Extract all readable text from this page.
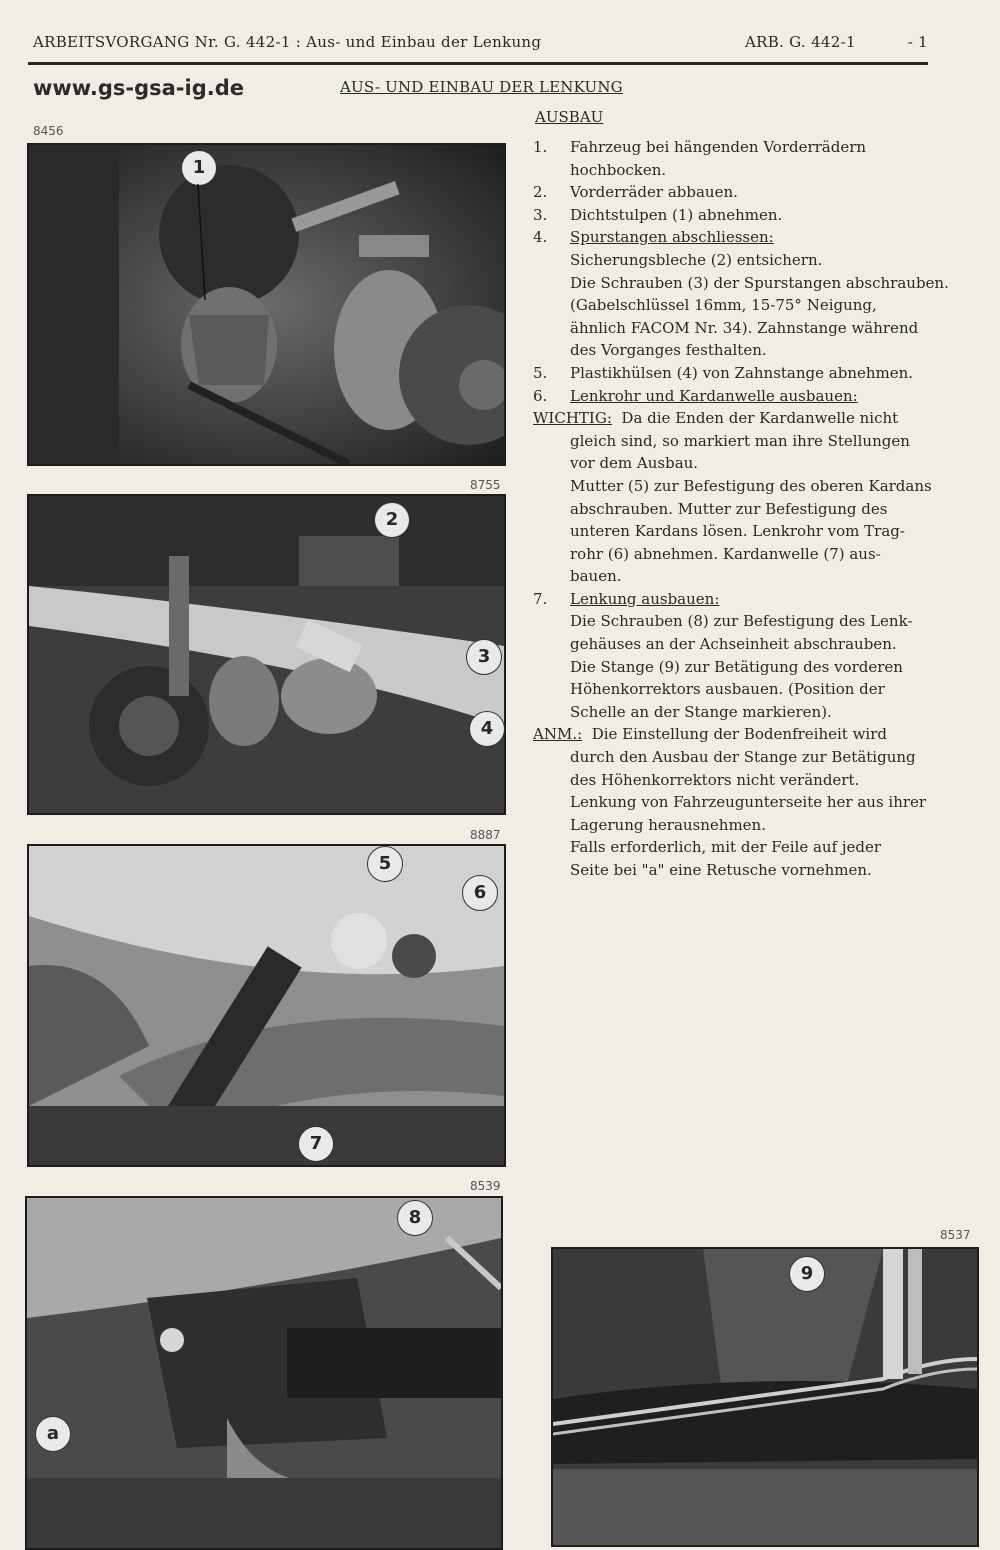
ARBEITSVORGANG Nr. G. 442-1 : Aus- und Einbau der Lenkung	ARB. G. 442-1	- 1
www.gs-gsa-ig.de	AUS- UND EINBAU DER LENKUNG
AUSBAU
8456
1
8755
2
3
4
8887
5
6
7
8539
8
a
8537
9
1. Fahrzeug bei hängenden Vorderrädern
hochbocken.
2. Vorderräder abbauen.
3. Dichtstulpen (1) abnehmen.
4. Spurstangen abschliessen:
Sicherungsbleche (2) entsichern.
Die Schrauben (3) der Spurstangen abschrauben.
(Gabelschlüssel 16mm, 15-75° Neigung,
ähnlich FACOM Nr. 34). Zahnstange während
des Vorganges festhalten.
5. Plastikhülsen (4) von Zahnstange abnehmen.
6. Lenkrohr und Kardanwelle ausbauen:
WICHTIG: Da die Enden der Kardanwelle nicht
gleich sind, so markiert man ihre Stellungen
vor dem Ausbau.
Mutter (5) zur Befestigung des oberen Kardans
abschrauben. Mutter zur Befestigung des
unteren Kardans lösen. Lenkrohr vom Trag-
rohr (6) abnehmen. Kardanwelle (7) aus-
bauen.
7. Lenkung ausbauen:
Die Schrauben (8) zur Befestigung des Lenk-
gehäuses an der Achseinheit abschrauben.
Die Stange (9) zur Betätigung des vorderen
Höhenkorrektors ausbauen. (Position der
Schelle an der Stange markieren).
ANM.: Die Einstellung der Bodenfreiheit wird
durch den Ausbau der Stange zur Betätigung
des Höhenkorrektors nicht verändert.
Lenkung von Fahrzeugunterseite her aus ihrer
Lagerung herausnehmen.
Falls erforderlich, mit der Feile auf jeder
Seite bei "a" eine Retusche vornehmen.
